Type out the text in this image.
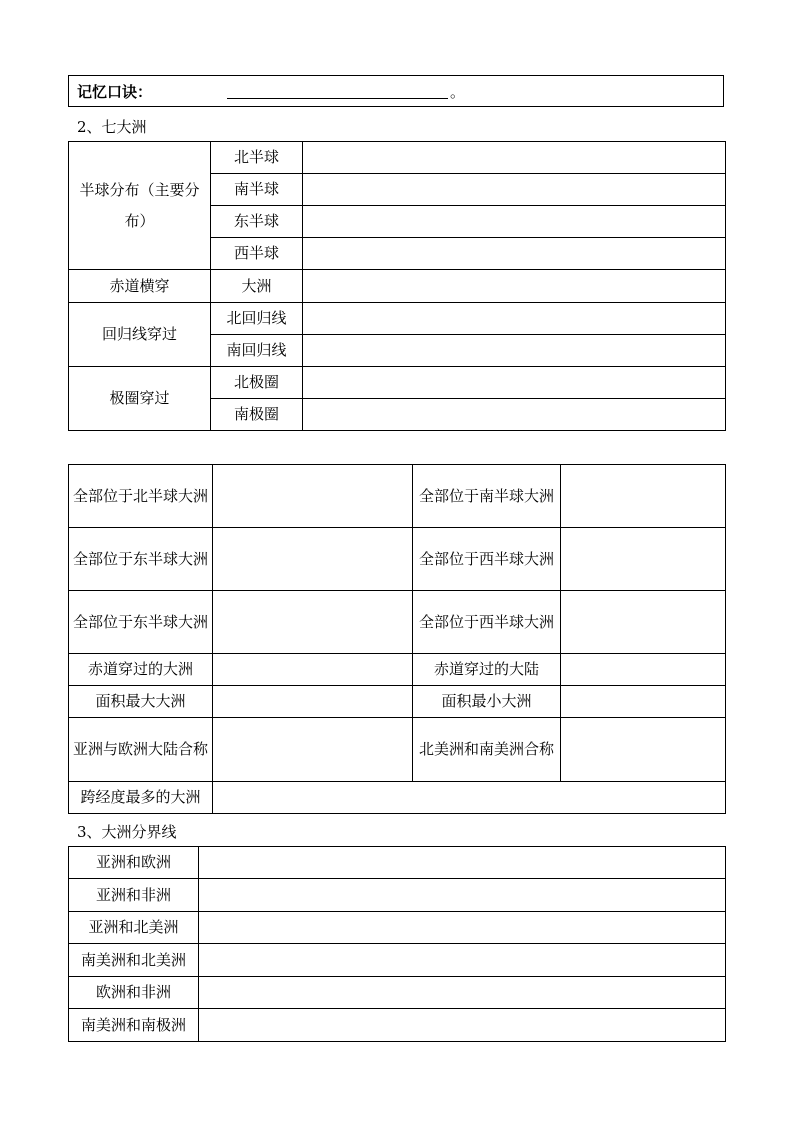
记忆口诀：	。
2、七大洲
半球分布（主要分布）	北半球	
	南半球	
	东半球	
	西半球	
赤道横穿	大洲	
回归线穿过	北回归线	
	南回归线	
极圈穿过	北极圈	
	南极圈	
全部位于北半球大洲		全部位于南半球大洲	
全部位于东半球大洲		全部位于西半球大洲	
全部位于东半球大洲		全部位于西半球大洲	
赤道穿过的大洲		赤道穿过的大陆	
面积最大大洲		面积最小大洲	
亚洲与欧洲大陆合称		北美洲和南美洲合称	
跨经度最多的大洲			
3、大洲分界线
亚洲和欧洲	
亚洲和非洲	
亚洲和北美洲	
南美洲和北美洲	
欧洲和非洲	
南美洲和南极洲	
